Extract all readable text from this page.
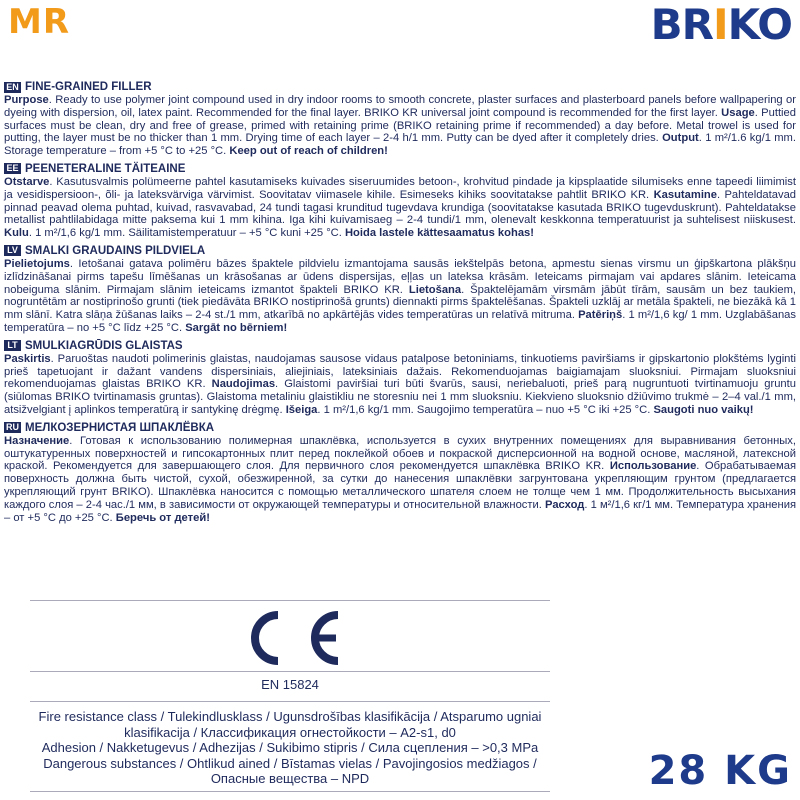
MR	BRIKO
EN FINE-GRAINED FILLER

Purpose. Ready to use polymer joint compound used in dry indoor rooms to smooth concrete, plaster surfaces and plasterboard panels before wallpapering or dyeing with dispersion, oil, latex paint. Recommended for the final layer. BRIKO KR universal joint compound is recommended for the first layer. Usage. Puttied surfaces must be clean, dry and free of grease, primed with retaining prime (BRIKO retaining prime if recommended) a day before. Metal trowel is used for putting, the layer must be no thicker than 1 mm. Drying time of each layer – 2-4 h/1 mm. Putty can be dyed after it completely dries. Output. 1 m²/1.6 kg/1 mm. Storage temperature – from +5 °C to +25 °C. Keep out of reach of children!

EE PEENETERALINE TÄITEAINE

Otstarve. Kasutusvalmis polümeerne pahtel kasutamiseks kuivades siseruumides betoon-, krohvitud pindade ja kipsplaatide silumiseks enne tapeedi liimimist ja vesidispersioon-, õli- ja lateksvärviga värvimist. Soovitatav viimasele kihile. Esimeseks kihiks soovitatakse pahtlit BRIKO KR. Kasutamine. Pahteldatavad pinnad peavad olema puhtad, kuivad, rasvavabad, 24 tundi tagasi krunditud tugevdava krundiga (soovitatakse kasutada BRIKO tugevduskrunt). Pahteldatakse metallist pahtlilabidaga mitte paksema kui 1 mm kihina. Iga kihi kuivamisaeg – 2-4 tundi/1 mm, olenevalt keskkonna temperatuurist ja suhtelisest niiskusest. Kulu. 1 m²/1,6 kg/1 mm. Säilitamistemperatuur – +5 °C kuni +25 °C. Hoida lastele kättesaamatus kohas!

LV SMALKI GRAUDAINS PILDVIELA

Pielietojums. Ietošanai gatava polimēru bāzes špaktele pildvielu izmantojama sausās iekštelpās betona, apmestu sienas virsmu un ģipškartona plākšņu izlīdzināšanai pirms tapešu līmēšanas un krāsošanas ar ūdens dispersijas, eļļas un lateksa krāsām. Ieteicams pirmajam vai apdares slānim. Ieteicama nobeiguma slānim. Pirmajam slānim ieteicams izmantot špakteli BRIKO KR. Lietošana. Špaktelējamām virsmām jābūt tīrām, sausām un bez taukiem, nogruntētām ar nostiprinošo grunti (tiek piedāvāta BRIKO nostiprinošā grunts) diennakti pirms špaktelēšanas. Špakteli uzklāj ar metāla špakteli, ne biezākā kā 1 mm slānī. Katra slāņa žūšanas laiks – 2-4 st./1 mm, atkarībā no apkārtējās vides temperatūras un relatīvā mitruma. Patēriņš. 1 m²/1,6 kg/ 1 mm. Uzglabāšanas temperatūra – no +5 °C līdz +25 °C. Sargāt no bērniem!

LT SMULKIAGRŪDIS GLAISTAS

Paskirtis. Paruoštas naudoti polimerinis glaistas, naudojamas sausose vidaus patalpose betoniniams, tinkuotiems paviršiams ir gipskartonio plokštėms lyginti prieš tapetuojant ir dažant vandens dispersiniais, aliejiniais, lateksiniais dažais. Rekomenduojamas baigiamajam sluoksniui. Pirmajam sluoksniui rekomenduojamas glaistas BRIKO KR. Naudojimas. Glaistomi paviršiai turi būti švarūs, sausi, neriebaluoti, prieš parą nugruntuoti tvirtinamuoju gruntu (siūlomas BRIKO tvirtinamasis gruntas). Glaistoma metaliniu glaistikliu ne storesniu nei 1 mm sluoksniu. Kiekvieno sluoksnio džiūvimo trukmė – 2–4 val./1 mm, atsižvelgiant į aplinkos temperatūrą ir santykinę drėgmę. Išeiga. 1 m²/1,6 kg/1 mm. Saugojimo temperatūra – nuo +5 °C iki +25 °C. Saugoti nuo vaikų!

RU МЕЛКОЗЕРНИСТАЯ ШПАКЛЁВКА

Назначение. Готовая к использованию полимерная шпаклёвка, используется в сухих внутренних помещениях для выравнивания бетонных, оштукатуренных поверхностей и гипсокартонных плит перед поклейкой обоев и покраской дисперсионной на водной основе, масляной, латексной краской. Рекомендуется для завершающего слоя. Для первичного слоя рекомендуется шпаклёвка BRIKO KR. Использование. Обрабатываемая поверхность должна быть чистой, сухой, обезжиренной, за сутки до нанесения шпаклёвки загрунтована укрепляющим грунтом (предлагается укрепляющий грунт BRIKO). Шпаклёвка наносится с помощью металлического шпателя слоем не толще чем 1 мм. Продолжительность высыхания каждого слоя – 2-4 час./1 мм, в зависимости от окружающей температуры и относительной влажности. Расход. 1 м²/1,6 кг/1 мм. Температура хранения – от +5 °С до +25 °С. Беречь от детей!

EN 15824
Fire resistance class / Tulekindlusklass / Ugunsdrošības klasifikācija / Atsparumo ugniai
klasifikacija / Классификация огнестойкости – A2-s1, d0
Adhesion / Nakketugevus / Adhezijas / Sukibimo stipris / Сила сцепления – >0,3 MPa
Dangerous substances / Ohtlikud ained / Bīstamas vielas / Pavojingosios medžiagos /
Опасные вещества – NPD	28 KG
